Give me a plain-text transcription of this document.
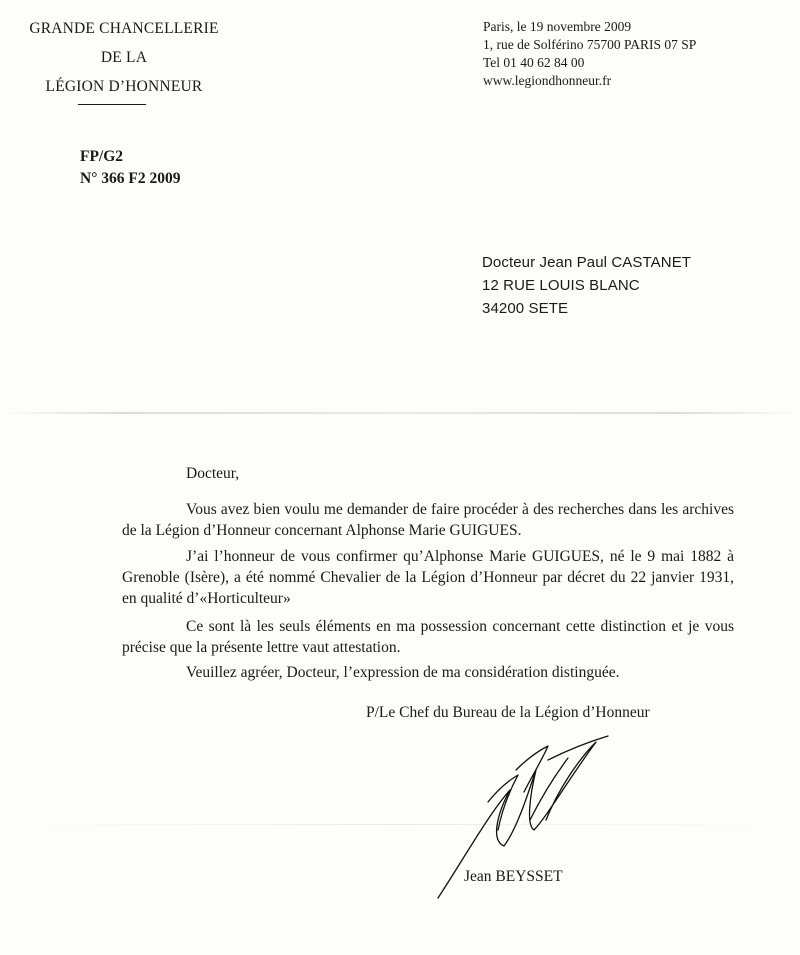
GRANDE CHANCELLERIE
DE LA
LÉGION D’HONNEUR
Paris, le 19 novembre 2009
1, rue de Solférino 75700 PARIS 07 SP
Tel 01 40 62 84 00
www.legiondhonneur.fr
FP/G2
N° 366 F2 2009
Docteur Jean Paul CASTANET
12 RUE LOUIS BLANC
34200 SETE
Docteur,
Vous avez bien voulu me demander de faire procéder à des recherches dans les archives de la Légion d’Honneur concernant Alphonse Marie GUIGUES.
J’ai l’honneur de vous confirmer qu’Alphonse Marie GUIGUES, né le 9 mai 1882 à Grenoble (Isère), a été nommé Chevalier de la Légion d’Honneur par décret du 22 janvier 1931, en qualité d’«Horticulteur»
Ce sont là les seuls éléments en ma possession concernant cette distinction et je vous précise que la présente lettre vaut attestation.
Veuillez agréer, Docteur, l’expression de ma considération distinguée.
P/Le Chef du Bureau de la Légion d’Honneur
Jean BEYSSET
